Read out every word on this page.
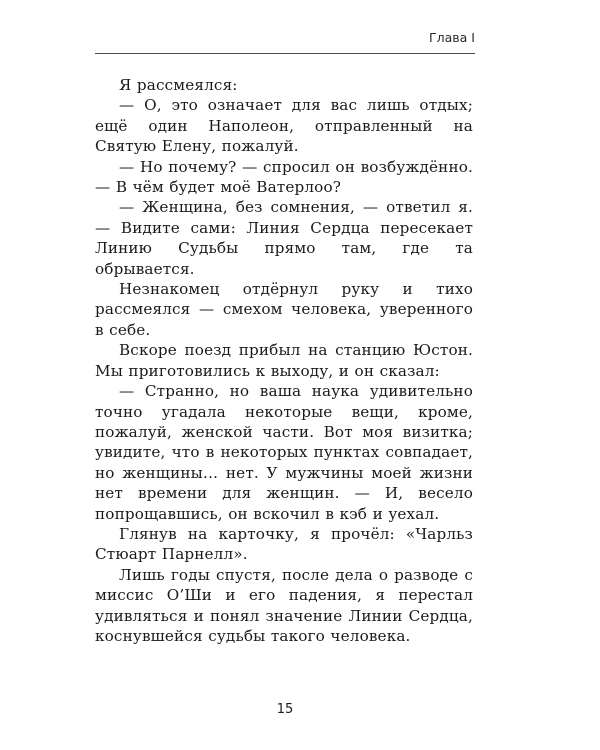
Глава I

Я рассмеялся:

— О, это означает для вас лишь отдых; ещё один Наполеон, отправленный на Святую Елену, пожалуй.

— Но почему? — спросил он возбуждённо. — В чём будет моё Ватерлоо?

— Женщина, без сомнения, — ответил я. — Видите сами: Линия Сердца пересекает Линию Судьбы прямо там, где та обрывается.

Незнакомец отдёрнул руку и тихо рассмеялся — смехом человека, уверенного в себе.

Вскоре поезд прибыл на станцию Юстон. Мы приготовились к выходу, и он сказал:

— Странно, но ваша наука удивительно точно угадала некоторые вещи, кроме, пожалуй, женской части. Вот моя визитка; увидите, что в некоторых пунктах совпадает, но женщины… нет. У мужчины моей жизни нет времени для женщин. — И, весело попрощавшись, он вскочил в кэб и уехал.

Глянув на карточку, я прочёл: «Чарльз Стюарт Парнелл».

Лишь годы спустя, после дела о разводе с миссис О’Ши и его падения, я перестал удивляться и понял значение Линии Сердца, коснувшейся судьбы такого человека.

15
